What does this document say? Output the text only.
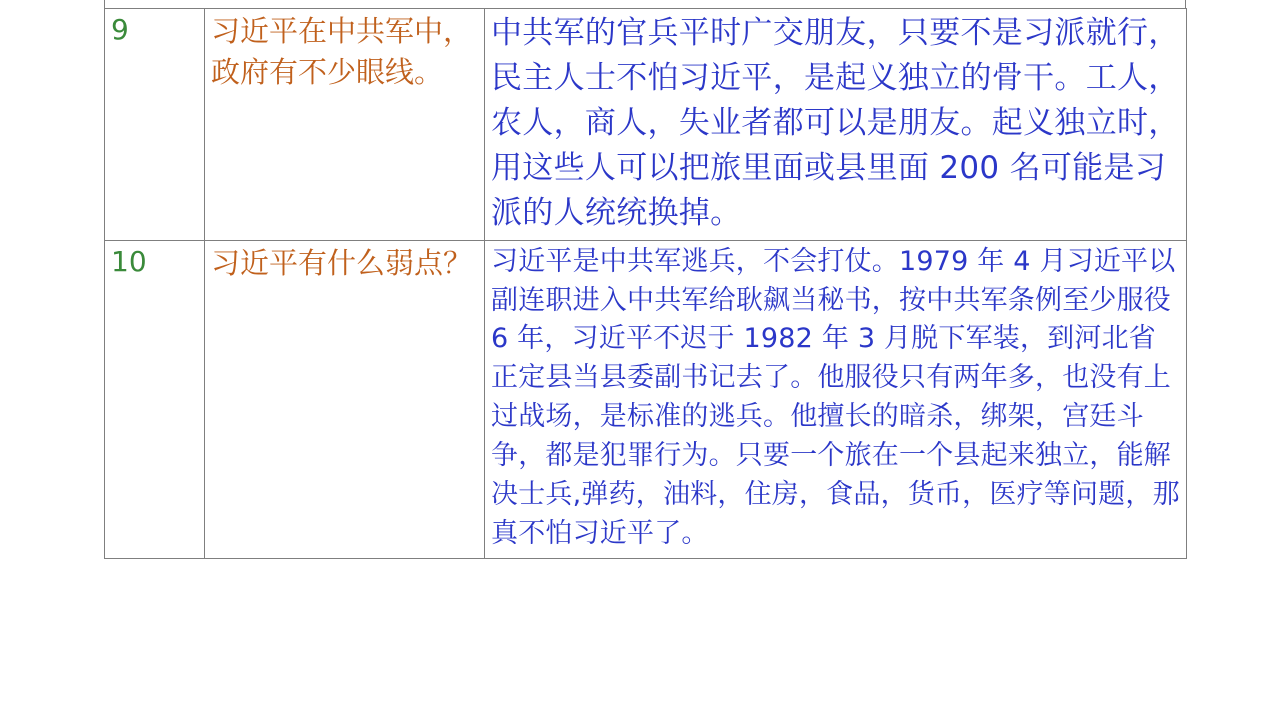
9	习近平在中共军中，政府有不少眼线。	中共军的官兵平时广交朋友，只要不是习派就行，民主人士不怕习近平，是起义独立的骨干。工人，农人，商人，失业者都可以是朋友。起义独立时，用这些人可以把旅里面或县里面 200 名可能是习派的人统统换掉。
10	习近平有什么弱点？	习近平是中共军逃兵，不会打仗。1979 年 4 月习近平以副连职进入中共军给耿飙当秘书，按中共军条例至少服役 6 年，习近平不迟于 1982 年 3 月脱下军装，到河北省正定县当县委副书记去了。他服役只有两年多，也没有上过战场，是标准的逃兵。他擅长的暗杀，绑架，宫廷斗争，都是犯罪行为。只要一个旅在一个县起来独立，能解决士兵,弹药，油料，住房，食品，货币，医疗等问题，那真不怕习近平了。
